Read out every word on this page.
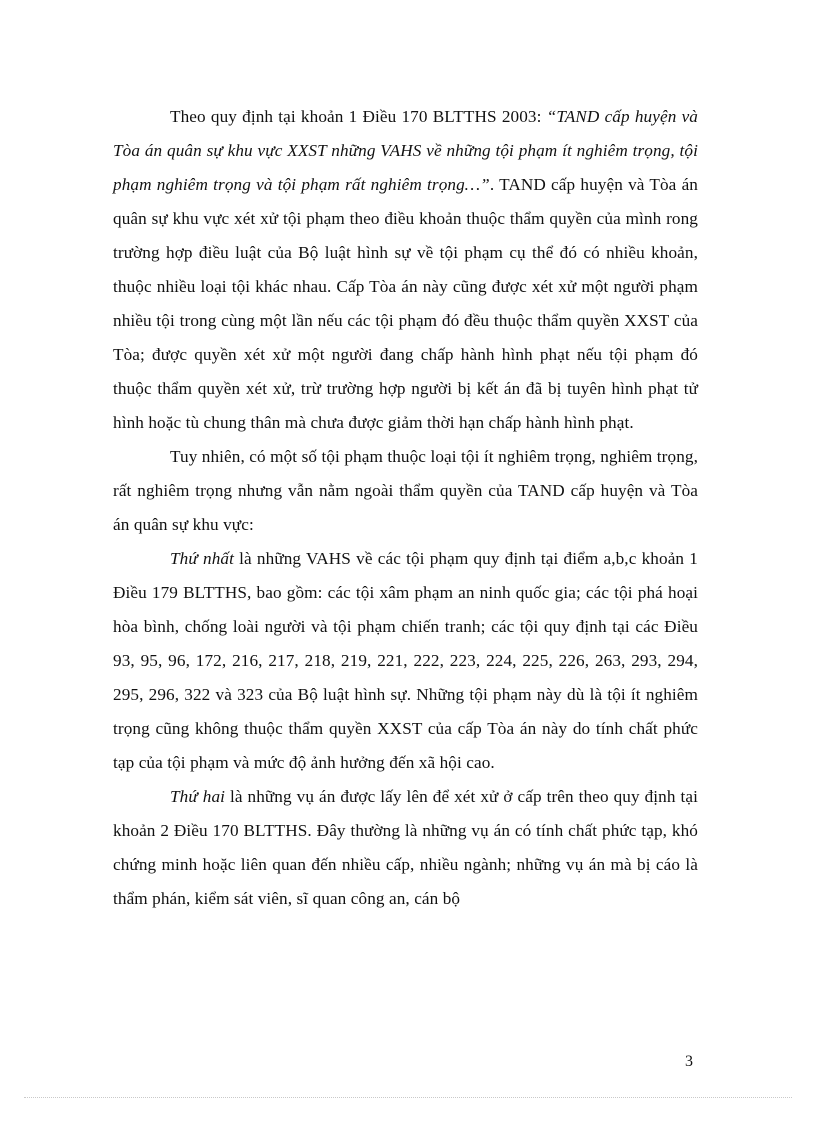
Theo quy định tại khoản 1 Điều 170 BLTTHS 2003: “TAND cấp huyện và Tòa án quân sự khu vực XXST những VAHS về những tội phạm ít nghiêm trọng, tội phạm nghiêm trọng và tội phạm rất nghiêm trọng…”. TAND cấp huyện và Tòa án quân sự khu vực xét xử tội phạm theo điều khoản thuộc thẩm quyền của mình rong trường hợp điều luật của Bộ luật hình sự về tội phạm cụ thể đó có nhiều khoản, thuộc nhiều loại tội khác nhau. Cấp Tòa án này cũng được xét xử một người phạm nhiều tội trong cùng một lần nếu các tội phạm đó đều thuộc thẩm quyền XXST của Tòa; được quyền xét xử một người đang chấp hành hình phạt nếu tội phạm đó thuộc thẩm quyền xét xử, trừ trường hợp người bị kết án đã bị tuyên hình phạt tử hình hoặc tù chung thân mà chưa được giảm thời hạn chấp hành hình phạt.

Tuy nhiên, có một số tội phạm thuộc loại tội ít nghiêm trọng, nghiêm trọng, rất nghiêm trọng nhưng vẫn nằm ngoài thẩm quyền của TAND cấp huyện và Tòa án quân sự khu vực:

Thứ nhất là những VAHS về các tội phạm quy định tại điểm a,b,c khoản 1 Điều 179 BLTTHS, bao gồm: các tội xâm phạm an ninh quốc gia; các tội phá hoại hòa bình, chống loài người và tội phạm chiến tranh; các tội quy định tại các Điều 93, 95, 96, 172, 216, 217, 218, 219, 221, 222, 223, 224, 225, 226, 263, 293, 294, 295, 296, 322 và 323 của Bộ luật hình sự. Những tội phạm này dù là tội ít nghiêm trọng cũng không thuộc thẩm quyền XXST của cấp Tòa án này do tính chất phức tạp của tội phạm và mức độ ảnh hưởng đến xã hội cao.

Thứ hai là những vụ án được lấy lên để xét xử ở cấp trên theo quy định tại khoản 2 Điều 170 BLTTHS. Đây thường là những vụ án có tính chất phức tạp, khó chứng minh hoặc liên quan đến nhiều cấp, nhiều ngành; những vụ án mà bị cáo là thẩm phán, kiểm sát viên, sĩ quan công an, cán bộ

3
